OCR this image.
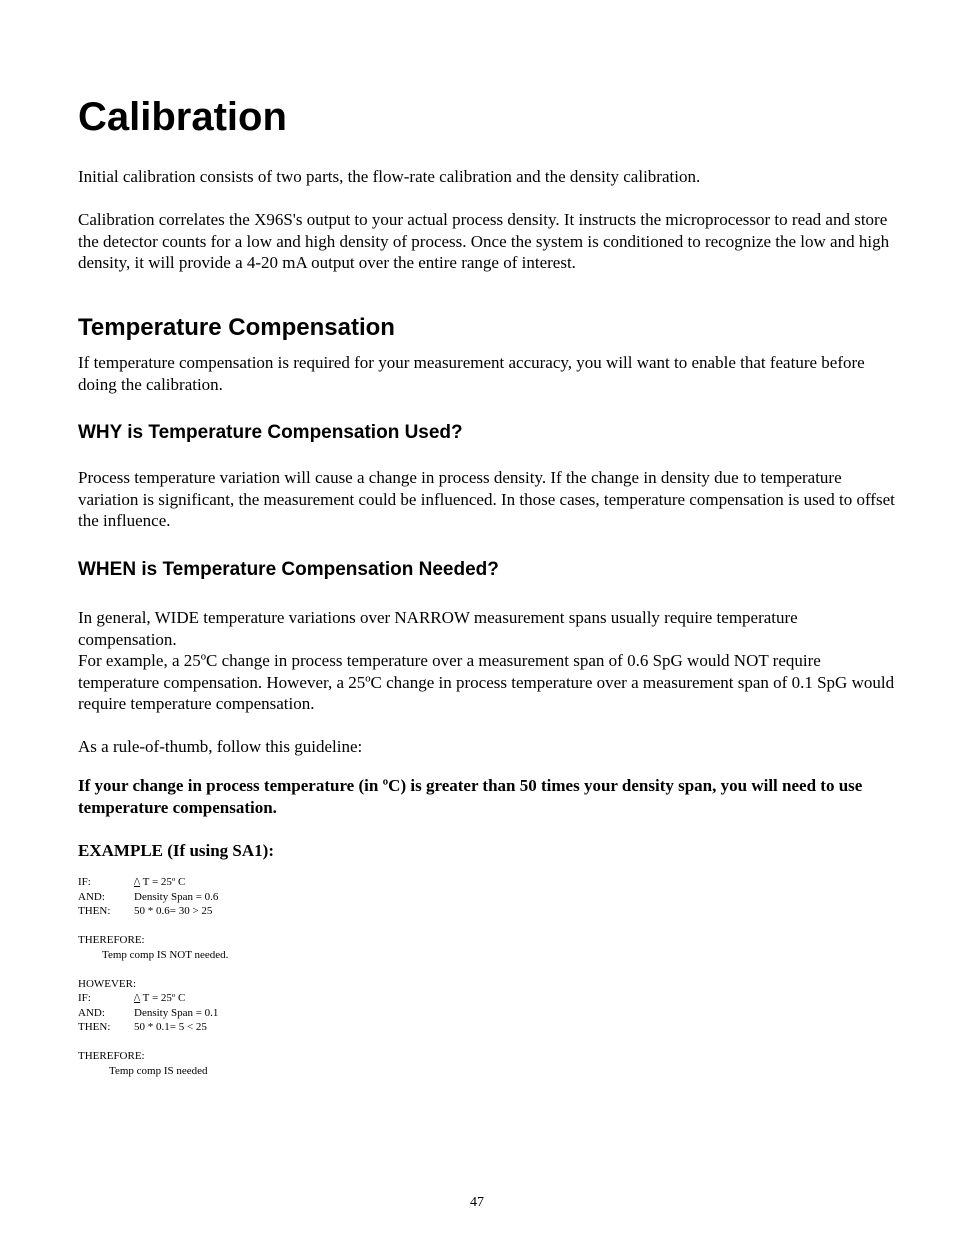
Calibration

Initial calibration consists of two parts, the flow-rate calibration and the density calibration.

Calibration correlates the X96S's output to your actual process density. It instructs the microprocessor to read and store the detector counts for a low and high density of process. Once the system is conditioned to recognize the low and high density, it will provide a 4-20 mA output over the entire range of interest.

Temperature Compensation

If temperature compensation is required for your measurement accuracy, you will want to enable that feature before doing the calibration.

WHY is Temperature Compensation Used?

Process temperature variation will cause a change in process density. If the change in density due to temperature variation is significant, the measurement could be influenced. In those cases, temperature compensation is used to offset the influence.

WHEN is Temperature Compensation Needed?

In general, WIDE temperature variations over NARROW measurement spans usually require temperature compensation.

For example, a 25ºC change in process temperature over a measurement span of 0.6 SpG would NOT require temperature compensation. However, a 25ºC change in process temperature over a measurement span of 0.1 SpG would require temperature compensation.

As a rule-of-thumb, follow this guideline:

If your change in process temperature (in ºC) is greater than 50 times your density span, you will need to use temperature compensation.

EXAMPLE (If using SA1):

IF:	/\ T = 25º C
AND:	Density Span = 0.6
THEN:	50 * 0.6= 30 > 25
THEREFORE:
Temp comp IS NOT needed.
HOWEVER:
IF:	/\ T = 25º C
AND:	Density Span = 0.1
THEN:	50 * 0.1= 5 < 25
THEREFORE:
Temp comp IS needed
47
